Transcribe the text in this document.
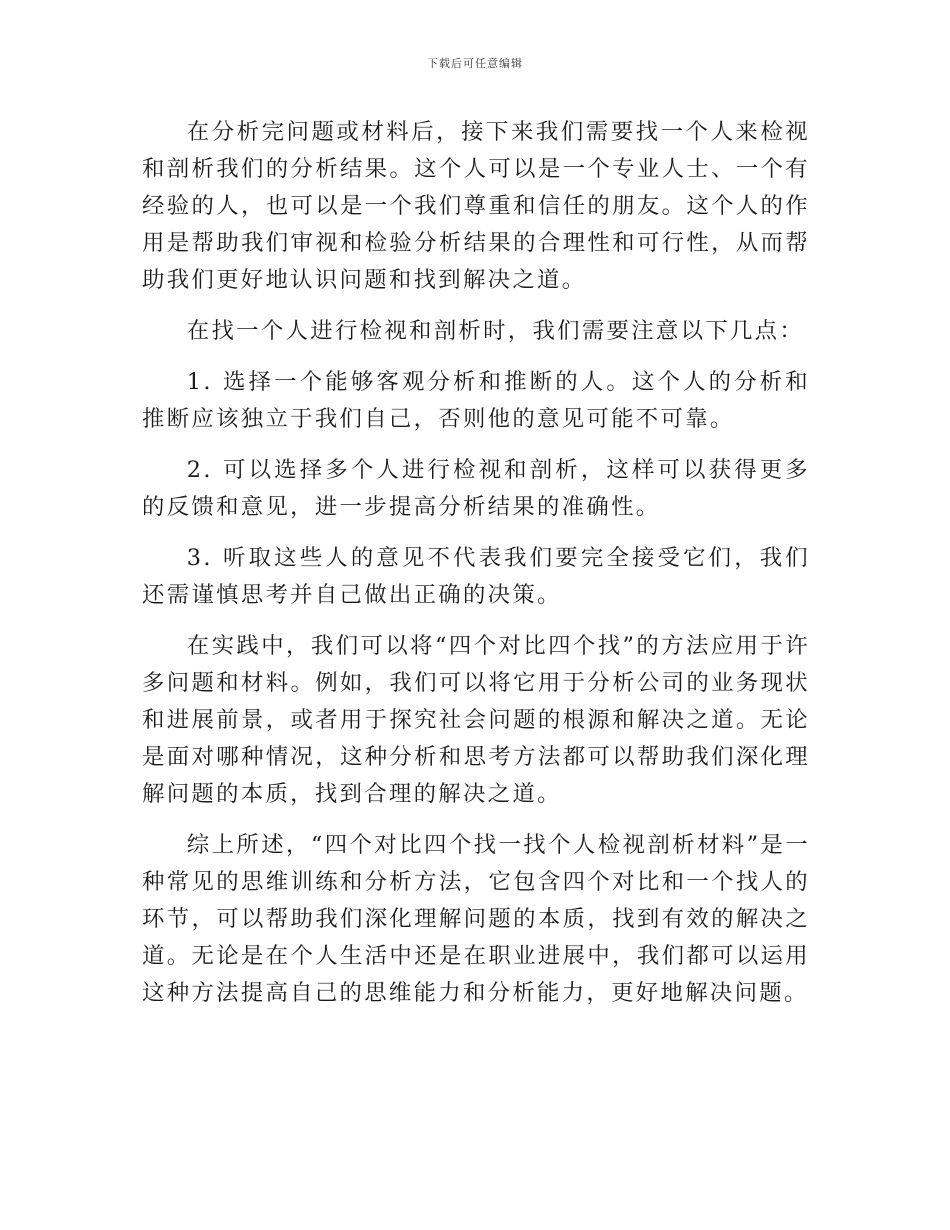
下载后可任意编辑

在分析完问题或材料后，接下来我们需要找一个人来检视和剖析我们的分析结果。这个人可以是一个专业人士、一个有经验的人，也可以是一个我们尊重和信任的朋友。这个人的作用是帮助我们审视和检验分析结果的合理性和可行性，从而帮助我们更好地认识问题和找到解决之道。

在找一个人进行检视和剖析时，我们需要注意以下几点：

1. 选择一个能够客观分析和推断的人。这个人的分析和推断应该独立于我们自己，否则他的意见可能不可靠。

2. 可以选择多个人进行检视和剖析，这样可以获得更多的反馈和意见，进一步提高分析结果的准确性。

3. 听取这些人的意见不代表我们要完全接受它们，我们还需谨慎思考并自己做出正确的决策。

在实践中，我们可以将“四个对比四个找”的方法应用于许多问题和材料。例如，我们可以将它用于分析公司的业务现状和进展前景，或者用于探究社会问题的根源和解决之道。无论是面对哪种情况，这种分析和思考方法都可以帮助我们深化理解问题的本质，找到合理的解决之道。

综上所述，“四个对比四个找一找个人检视剖析材料”是一种常见的思维训练和分析方法，它包含四个对比和一个找人的环节，可以帮助我们深化理解问题的本质，找到有效的解决之道。无论是在个人生活中还是在职业进展中，我们都可以运用这种方法提高自己的思维能力和分析能力，更好地解决问题。
